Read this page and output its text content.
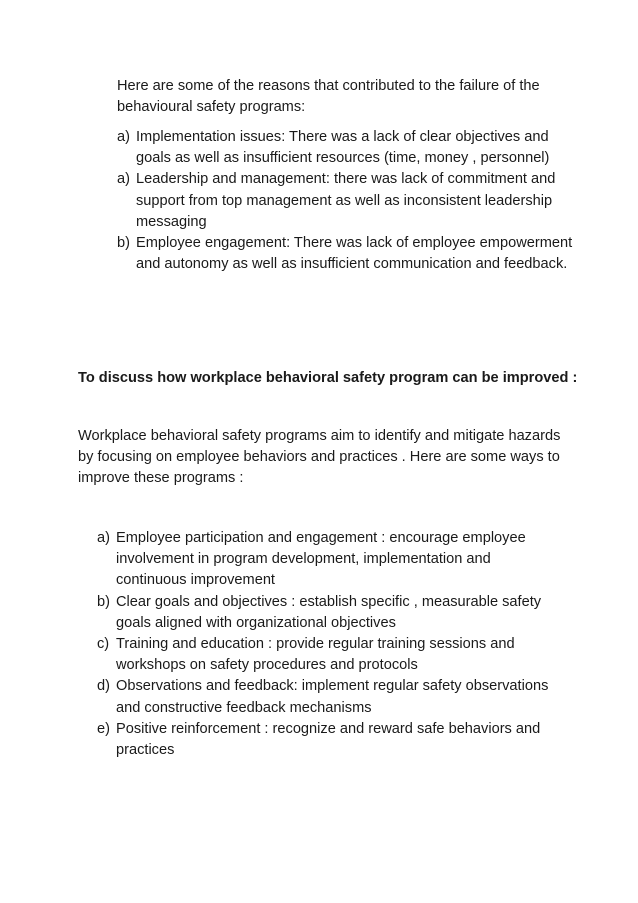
Here are some of the reasons that contributed to the failure of the behavioural safety programs:

a) Implementation issues: There was a lack of clear objectives and goals as well as insufficient resources (time, money , personnel)
a) Leadership and management: there was lack of commitment and support from top management as well as inconsistent leadership messaging
b) Employee engagement: There was lack of employee empowerment and autonomy as well as insufficient communication and feedback.

To discuss how workplace behavioral safety program can be improved :

Workplace behavioral safety programs aim to identify and mitigate hazards by focusing on employee behaviors and practices . Here are some ways to improve these programs :

a) Employee participation and engagement : encourage employee involvement in program development, implementation and continuous improvement
b) Clear goals and objectives : establish specific , measurable safety goals aligned with organizational objectives
c) Training and education : provide regular training sessions and workshops on safety procedures and protocols
d) Observations and feedback: implement regular safety observations and constructive feedback mechanisms
e) Positive reinforcement : recognize and reward safe behaviors and practices
